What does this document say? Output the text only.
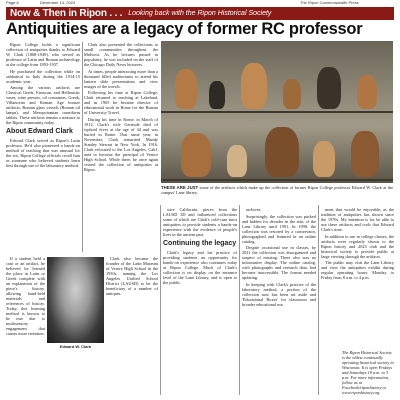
Page 6	December 14, 2023	The Ripon Commonwealth Press
Now & Then in Ripon . . . Looking back with the Ripon Historical Society
Antiquities are a legacy of former RC professor

Ripon College holds a significant collection of antiquities thanks to Edward W. Clark (1868-1949), who served as professor of Latin and Roman archaeology at the college from 1893-1937.

He purchased the collection while on sabbatical in Italy during the 1914-15 academic year.

Among the various artifacts are Classical Greek, Etruscan, and Hellenistic vases, wine presses, oil containers, Greek, Villanovan and Roman Age bronze artifacts, Roman glass vessels (Roman oil lamps), and Mesopotamian cuneiform tablets. These artifacts remain a treasure to the Ripon community today.

About Edward Clark

Edward Clark served as Ripon's Latin professor. He'd also pioneered a hands-on method of teaching that was unusual for the era. Ripon College officials recall him as someone who believed students learn best through use of the laboratory method.

If a student held a coin or an artifact, he believed he learned the place in Latin or Greek complete with an explanation of the piece's history, allowing hand-held materials and references of history. Today, this learning method is known to be true due to multisensory engagement that causes more retention.

Clark also presented the collections to small communities throughout the Midwest. As he lectures passed in popularity, he was included on the staff of the Chicago Daily News lecturers.

At times, people interacting more than a thousand filled auditoriums to attend his lantern slide presentations and view images of the travels.

Following his time at Ripon College, Clark returned to teaching at Lakeland, and in 1905 he became director of educational work in Rome for the Bureau of University Travel.

During his time in Rome, in March of 1912, Clark's wife Gertrude died of typhoid fever at the age of 44 and was buried in Rome. That same year, in November, Clark remarried Mandy Stanley Stewart in New York. In 1916, Clark relocated to the Los Angeles, Calif. area to become the principal of Venice High School. While there, he once again visited the collection of antiquities at Ripon.

Clark also became the founder of the Latin Museum of Venice High School in the 1930s, naming the Los Angeles Unified School District (LAUSD) to be the beneficiary of a number of antiques.

Edward W. Clark
THESE ARE JUST some of the artifacts which make up the collection of former Ripon College professor Edward W. Clark at the campus' Lane library.

wire California, pieces from the LAUSD 3D and influenced collections some of which are Clark's cold-case tutor antiquities to provide students a hands-on experience with the evidence of people's lives in the ancient past.

Continuing the legacy

Clark's legacy and his practice of providing students an opportunity for hands-on experience also continues today at Ripon College. Much of Clark's collection is on display on the entrance level of the Lane Library, and is open to the public.

archives.

Surprisingly, the collection was packed and hidden for decades in the attic of the Lane Library until 1991. In 1998, the collection was restored by a conservator, photographed and featured in an online catalog.

Despite occasional use in classes, by 2021 the collection was disorganized and suspect of missing. There also was no informative display. The online catalog, with photographs and research data, had become inaccessible. The format needed updating.

In keeping with Clark's practice of the laboratory method, a portion of the collection now has been set aside and 'Educational Boxes' for classroom and broader educational use.

ment that would be enjoyable, as the tradition of antiquities has shown since the 1970s. My intention is for be able to use these artifacts and tools that Edward Clark's time.

In addition to use in college classes, the artifacts were regularly shown to the Ripon history and 2023 club and the historical society to provide public at large viewing through the artifacts.

The public may visit the Lane Library and view the antiquities exhibit during regular operating hours: Monday to Friday from 8 a.m. to 4 p.m.

The Ripon Historical Society is the oldest continually operating historical society in Wisconsin. It is open Fridays and Saturdays 10 a.m. to 3 p.m. For more information, follow us at Facebook/riponhistory or www.riponhistory.org.
